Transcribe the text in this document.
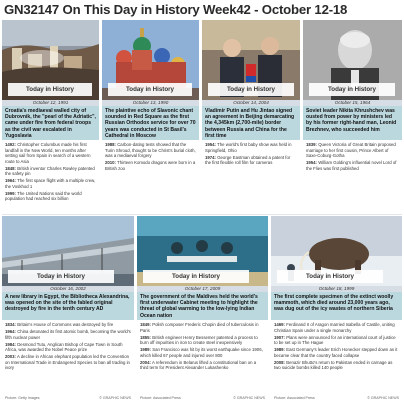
GN32147 On This Day in History Week42 - October 12-18
Today in History
October 12, 1991
Croatia's mediaeval walled city of Dubrovnik, the "pearl of the Adriatic", came under fire from federal troops as the civil war escalated in Yugoslavia

1492: Christopher Columbus made his first landfall in the New World, ten months after setting sail from Spain in search of a western route to Asia

1848: British inventor Charles Rowley patented the safety pin

1964: The first space flight with a multiple crew, the Voskhod 1

1999: The United Nations said the world population had reached six billion

Today in History
October 13, 1990
The plaintive echo of Slavonic chant sounded in Red Square as the first Russian Orthodox service for over 70 years was conducted in St Basil's Cathedral in Moscow

1988: Carbon-dating tests showed that the Turin Shroud, thought to be Christ's burial cloth, was a mediaeval forgery

2010: Thirteen Komodo dragons were born in a British zoo

Today in History
October 14, 2004
Vladimir Putin and Hu Jintao signed an agreement in Beijing demarcating the 4,345km (2,700-mile) border between Russia and China for the first time

1954: The world's first baby show was held in Springfield, Ohio

1974: George Eastman obtained a patent for the first flexible roll film for cameras

Today in History
October 15, 1964
Soviet leader Nikita Khrushchev was ousted from power by ministers led by his former right-hand man, Leonid Brezhnev, who succeeded him

1839: Queen Victoria of Great Britain proposed marriage to her first cousin, Prince Albert of Saxe-Coburg-Gotha

1954: William Golding's influential novel Lord of the Flies was first published

Today in History
October 16, 2002
A new library in Egypt, the Bibliotheca Alexandrina, was opened on the site of the fabled original destroyed by fire in the tenth century AD

1834: Britain's House of Commons was destroyed by fire

1964: China detonated its first atomic bomb, becoming the world's fifth nuclear power

1984: Desmond Tutu, Anglican Bishop of Cape Town in South Africa, was awarded the Nobel Peace prize

2003: A decline in African elephant population led the Convention on International Trade in Endangered Species to ban all trading in ivory

Picture: Getty Images	© GRAPHIC NEWS
Today in History
October 17, 2009
The government of the Maldives held the world's first underwater Cabinet meeting to highlight the threat of global warming to the low-lying Indian Ocean nation

1849: Polish composer Frederic Chopin died of tuberculosis in Paris

1855: British engineer Henry Bessemer patented a process to burn off impurities in iron to create steel inexpensively

1989: San Francisco was hit by its worst earthquake since 1906, which killed 67 people and injured over 800

2004: A referendum in Belarus lifted a constitutional ban on a third term for President Alexander Lukashenko

Picture: Associated Press	© GRAPHIC NEWS
Today in History
October 18, 1999
The first complete specimen of the extinct woolly mammoth, which died around 23,000 years ago, was dug out of the icy wastes of northern Siberia

1469: Ferdinand II of Aragon married Isabella of Castile, uniting Christian Spain under a single monarchy

1907: Plans were announced for an international court of justice to be set up in The Hague

1989: East Germany's leader Erich Honecker stepped down as it became clear that the country faced collapse

2008: Benazir Bhutto's return to Pakistan ended in carnage as two suicide bombs killed 140 people

Picture: Associated Press	© GRAPHIC NEWS
